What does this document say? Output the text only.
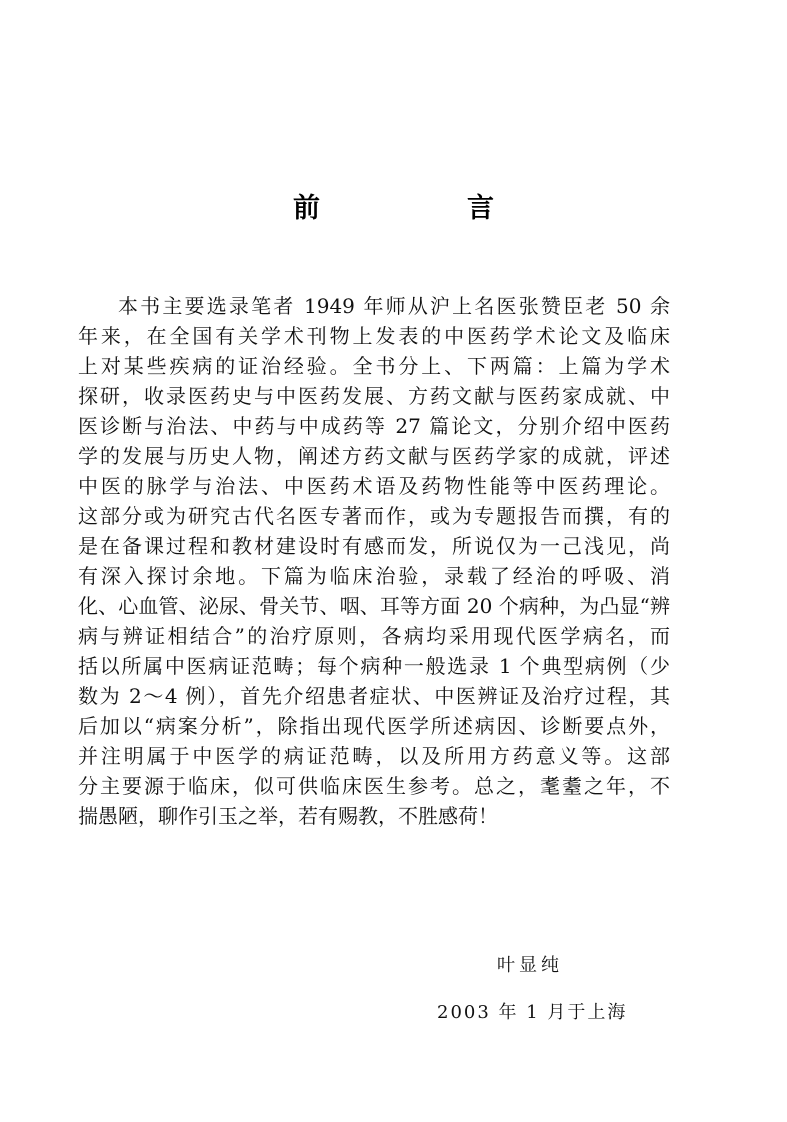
前　言
本书主要选录笔者 1949 年师从沪上名医张赞臣老 50 余
年来，在全国有关学术刊物上发表的中医药学术论文及临床
上对某些疾病的证治经验。全书分上、下两篇：上篇为学术
探研，收录医药史与中医药发展、方药文献与医药家成就、中
医诊断与治法、中药与中成药等 27 篇论文，分别介绍中医药
学的发展与历史人物，阐述方药文献与医药学家的成就，评述
中医的脉学与治法、中医药术语及药物性能等中医药理论。
这部分或为研究古代名医专著而作，或为专题报告而撰，有的
是在备课过程和教材建设时有感而发，所说仅为一己浅见，尚
有深入探讨余地。下篇为临床治验，录载了经治的呼吸、消
化、心血管、泌尿、骨关节、咽、耳等方面 20 个病种，为凸显“辨
病与辨证相结合”的治疗原则，各病均采用现代医学病名，而
括以所属中医病证范畴；每个病种一般选录 1 个典型病例（少
数为 2～4 例），首先介绍患者症状、中医辨证及治疗过程，其
后加以“病案分析”，除指出现代医学所述病因、诊断要点外，
并注明属于中医学的病证范畴，以及所用方药意义等。这部
分主要源于临床，似可供临床医生参考。总之，耄耋之年，不
揣愚陋，聊作引玉之举，若有赐教，不胜感荷！
叶显纯
2003 年 1 月于上海
